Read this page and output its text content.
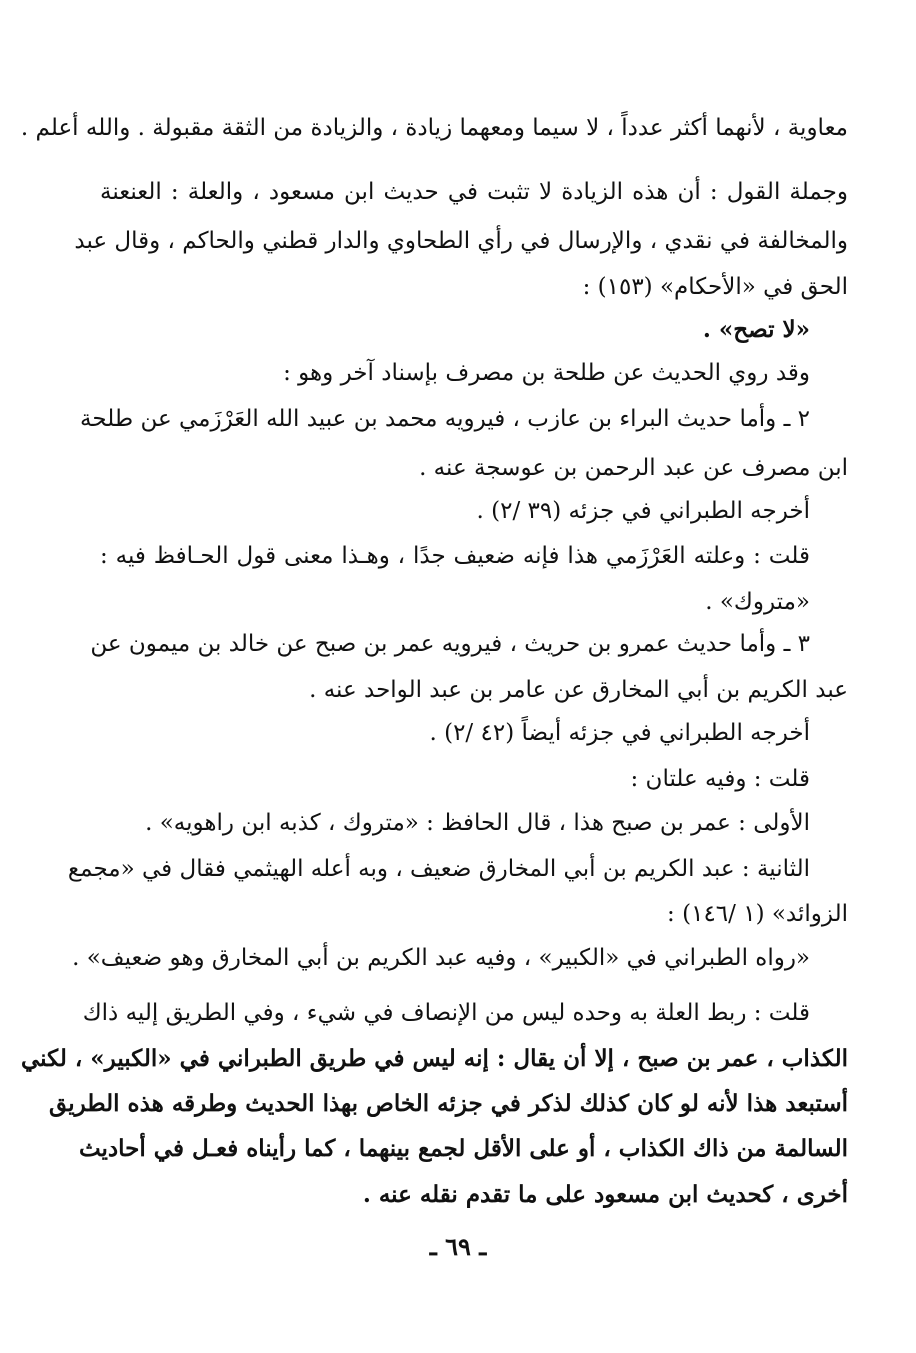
معاوية ، لأنهما أكثر عدداً ، لا سيما ومعهما زيادة ، والزيادة من الثقة مقبولة . والله أعلم .
وجملة القول : أن هذه الزيادة لا تثبت في حديث ابن مسعود ، والعلة : العنعنة
والمخالفة في نقدي ، والإرسال في رأي الطحاوي والدار قطني والحاكم ، وقال عبد
الحق في «الأحكام» (١٥٣) :
«لا تصح» .
وقد روي الحديث عن طلحة بن مصرف بإسناد آخر وهو :
٢ ـ وأما حديث البراء بن عازب ، فيرويه محمد بن عبيد الله العَرْزَمي عن طلحة
ابن مصرف عن عبد الرحمن بن عوسجة عنه .
أخرجه الطبراني في جزئه (٣٩ /٢) .
قلت : وعلته العَرْزَمي هذا فإنه ضعيف جدًا ، وهـذا معنى قول الحـافظ فيه :
«متروك» .
٣ ـ وأما حديث عمرو بن حريث ، فيرويه عمر بن صبح عن خالد بن ميمون عن
عبد الكريم بن أبي المخارق عن عامر بن عبد الواحد عنه .
أخرجه الطبراني في جزئه أيضاً (٤٢ /٢) .
قلت : وفيه علتان :
الأولى : عمر بن صبح هذا ، قال الحافظ : «متروك ، كذبه ابن راهويه» .
الثانية : عبد الكريم بن أبي المخارق ضعيف ، وبه أعله الهيثمي فقال في «مجمع
الزوائد» (١ /١٤٦) :
«رواه الطبراني في «الكبير» ، وفيه عبد الكريم بن أبي المخارق وهو ضعيف» .
قلت : ربط العلة به وحده ليس من الإنصاف في شيء ، وفي الطريق إليه ذاك
الكذاب ، عمر بن صبح ، إلا أن يقال : إنه ليس في طريق الطبراني في «الكبير» ، لكني
أستبعد هذا لأنه لو كان كذلك لذكر في جزئه الخاص بهذا الحديث وطرقه هذه الطريق
السالمة من ذاك الكذاب ، أو على الأقل لجمع بينهما ، كما رأيناه فعـل في أحاديث
أخرى ، كحديث ابن مسعود على ما تقدم نقله عنه .
ـ ٦٩ ـ
